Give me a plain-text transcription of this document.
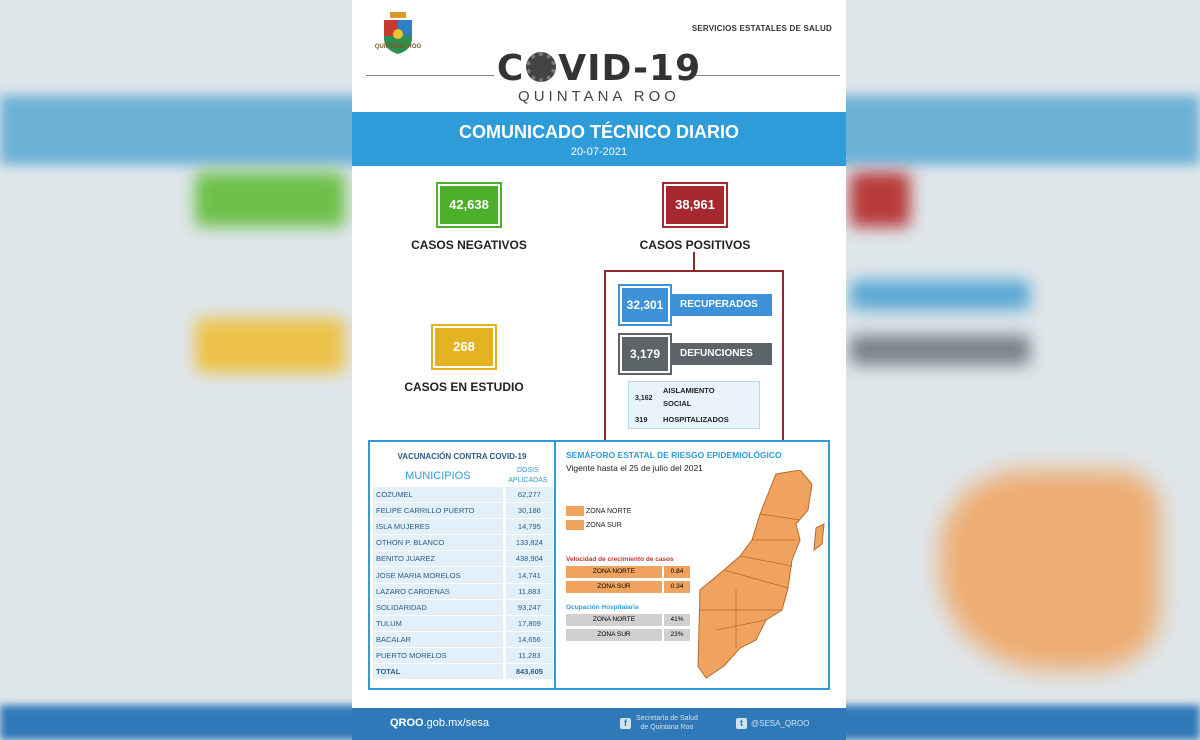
QUINTANA ROO
SERVICIOS ESTATALES DE SALUD
C VID-19
QUINTANA ROO
COMUNICADO TÉCNICO DIARIO
20-07-2021
42,638
CASOS NEGATIVOS
38,961
CASOS POSITIVOS
268
CASOS EN ESTUDIO
32,301	RECUPERADOS
3,179	DEFUNCIONES
3,162
AISLAMIENTO
SOCIAL
319 HOSPITALIZADOS
VACUNACIÓN CONTRA COVID-19
MUNICIPIOS	DOSIS
APLICADAS
COZUMEL	62,277
FELIPE CARRILLO PUERTO	30,186
ISLA MUJERES	14,795
OTHON P. BLANCO	133,824
BENITO JUAREZ	438,904
JOSE MARIA MORELOS	14,741
LAZARO CARDENAS	11,883
SOLIDARIDAD	93,247
TULUM	17,809
BACALAR	14,656
PUERTO MORELOS	11,283
TOTAL	843,605
SEMÁFORO ESTATAL DE RIESGO EPIDEMIOLÓGICO
Vigente hasta el 25 de julio del 2021
ZONA NORTE
ZONA SUR
Velocidad de crecimiento de casos
ZONA NORTE	0.84
ZONA SUR	0.34
Ocupación Hospitalaria
ZONA NORTE	41%
ZONA SUR	23%
QROO.gob.mx/sesa	f	Secretaría de Salud
de Quintana Roo	t	@SESA_QROO
